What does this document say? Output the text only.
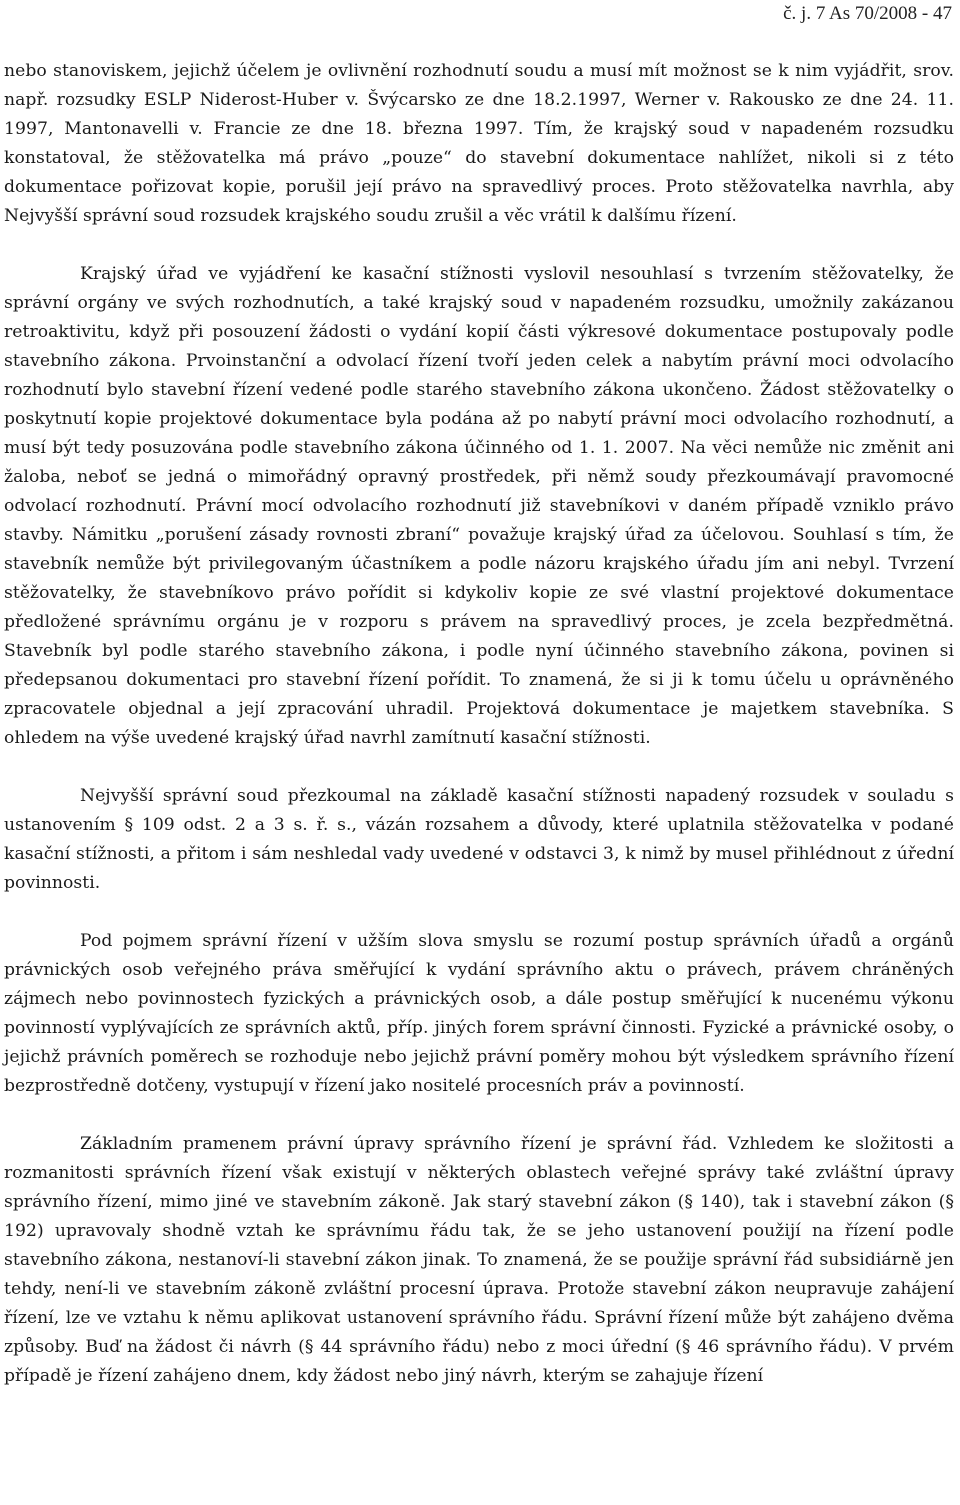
č. j. 7 As 70/2008 - 47

nebo stanoviskem, jejichž účelem je ovlivnění rozhodnutí soudu a musí mít možnost se k nim vyjádřit, srov. např. rozsudky ESLP Niderost-Huber v. Švýcarsko ze dne 18.2.1997, Werner v. Rakousko ze dne 24. 11. 1997, Mantonavelli v. Francie ze dne 18. března 1997. Tím, že krajský soud v napadeném rozsudku konstatoval, že stěžovatelka má právo „pouze“ do stavební dokumentace nahlížet, nikoli si z této dokumentace pořizovat kopie, porušil její právo na spravedlivý proces. Proto stěžovatelka navrhla, aby Nejvyšší správní soud rozsudek krajského soudu zrušil a věc vrátil k dalšímu řízení.

Krajský úřad ve vyjádření ke kasační stížnosti vyslovil nesouhlasí s tvrzením stěžovatelky, že správní orgány ve svých rozhodnutích, a také krajský soud v napadeném rozsudku, umožnily zakázanou retroaktivitu, když při posouzení žádosti o vydání kopií části výkresové dokumentace postupovaly podle stavebního zákona. Prvoinstanční a odvolací řízení tvoří jeden celek a nabytím právní moci odvolacího rozhodnutí bylo stavební řízení vedené podle starého stavebního zákona ukončeno. Žádost stěžovatelky o poskytnutí kopie projektové dokumentace byla podána až po nabytí právní moci odvolacího rozhodnutí, a musí být tedy posuzována podle stavebního zákona účinného od 1. 1. 2007. Na věci nemůže nic změnit ani žaloba, neboť se jedná o mimořádný opravný prostředek, při němž soudy přezkoumávají pravomocné odvolací rozhodnutí. Právní mocí odvolacího rozhodnutí již stavebníkovi v daném případě vzniklo právo stavby. Námitku „porušení zásady rovnosti zbraní“ považuje krajský úřad za účelovou. Souhlasí s tím, že stavebník nemůže být privilegovaným účastníkem a podle názoru krajského úřadu jím ani nebyl. Tvrzení stěžovatelky, že stavebníkovo právo pořídit si kdykoliv kopie ze své vlastní projektové dokumentace předložené správnímu orgánu je v rozporu s právem na spravedlivý proces, je zcela bezpředmětná. Stavebník byl podle starého stavebního zákona, i podle nyní účinného stavebního zákona, povinen si předepsanou dokumentaci pro stavební řízení pořídit. To znamená, že si ji k tomu účelu u oprávněného zpracovatele objednal a její zpracování uhradil. Projektová dokumentace je majetkem stavebníka. S ohledem na výše uvedené krajský úřad navrhl zamítnutí kasační stížnosti.

Nejvyšší správní soud přezkoumal na základě kasační stížnosti napadený rozsudek v souladu s ustanovením § 109 odst. 2 a 3 s. ř. s., vázán rozsahem a důvody, které uplatnila stěžovatelka v podané kasační stížnosti, a přitom i sám neshledal vady uvedené v odstavci 3, k nimž by musel přihlédnout z úřední povinnosti.

Pod pojmem správní řízení v užším slova smyslu se rozumí postup správních úřadů a orgánů právnických osob veřejného práva směřující k vydání správního aktu o právech, právem chráněných zájmech nebo povinnostech fyzických a právnických osob, a dále postup směřující k nucenému výkonu povinností vyplývajících ze správních aktů, příp. jiných forem správní činnosti. Fyzické a právnické osoby, o jejichž právních poměrech se rozhoduje nebo jejichž právní poměry mohou být výsledkem správního řízení bezprostředně dotčeny, vystupují v řízení jako nositelé procesních práv a povinností.

Základním pramenem právní úpravy správního řízení je správní řád. Vzhledem ke složitosti a rozmanitosti správních řízení však existují v některých oblastech veřejné správy také zvláštní úpravy správního řízení, mimo jiné ve stavebním zákoně. Jak starý stavební zákon (§ 140), tak i stavební zákon (§ 192) upravovaly shodně vztah ke správnímu řádu tak, že se jeho ustanovení použijí na řízení podle stavebního zákona, nestanoví-li stavební zákon jinak. To znamená, že se použije správní řád subsidiárně jen tehdy, není-li ve stavebním zákoně zvláštní procesní úprava. Protože stavební zákon neupravuje zahájení řízení, lze ve vztahu k němu aplikovat ustanovení správního řádu. Správní řízení může být zahájeno dvěma způsoby. Buď na žádost či návrh (§ 44 správního řádu) nebo z moci úřední (§ 46 správního řádu). V prvém případě je řízení zahájeno dnem, kdy žádost nebo jiný návrh, kterým se zahajuje řízení
